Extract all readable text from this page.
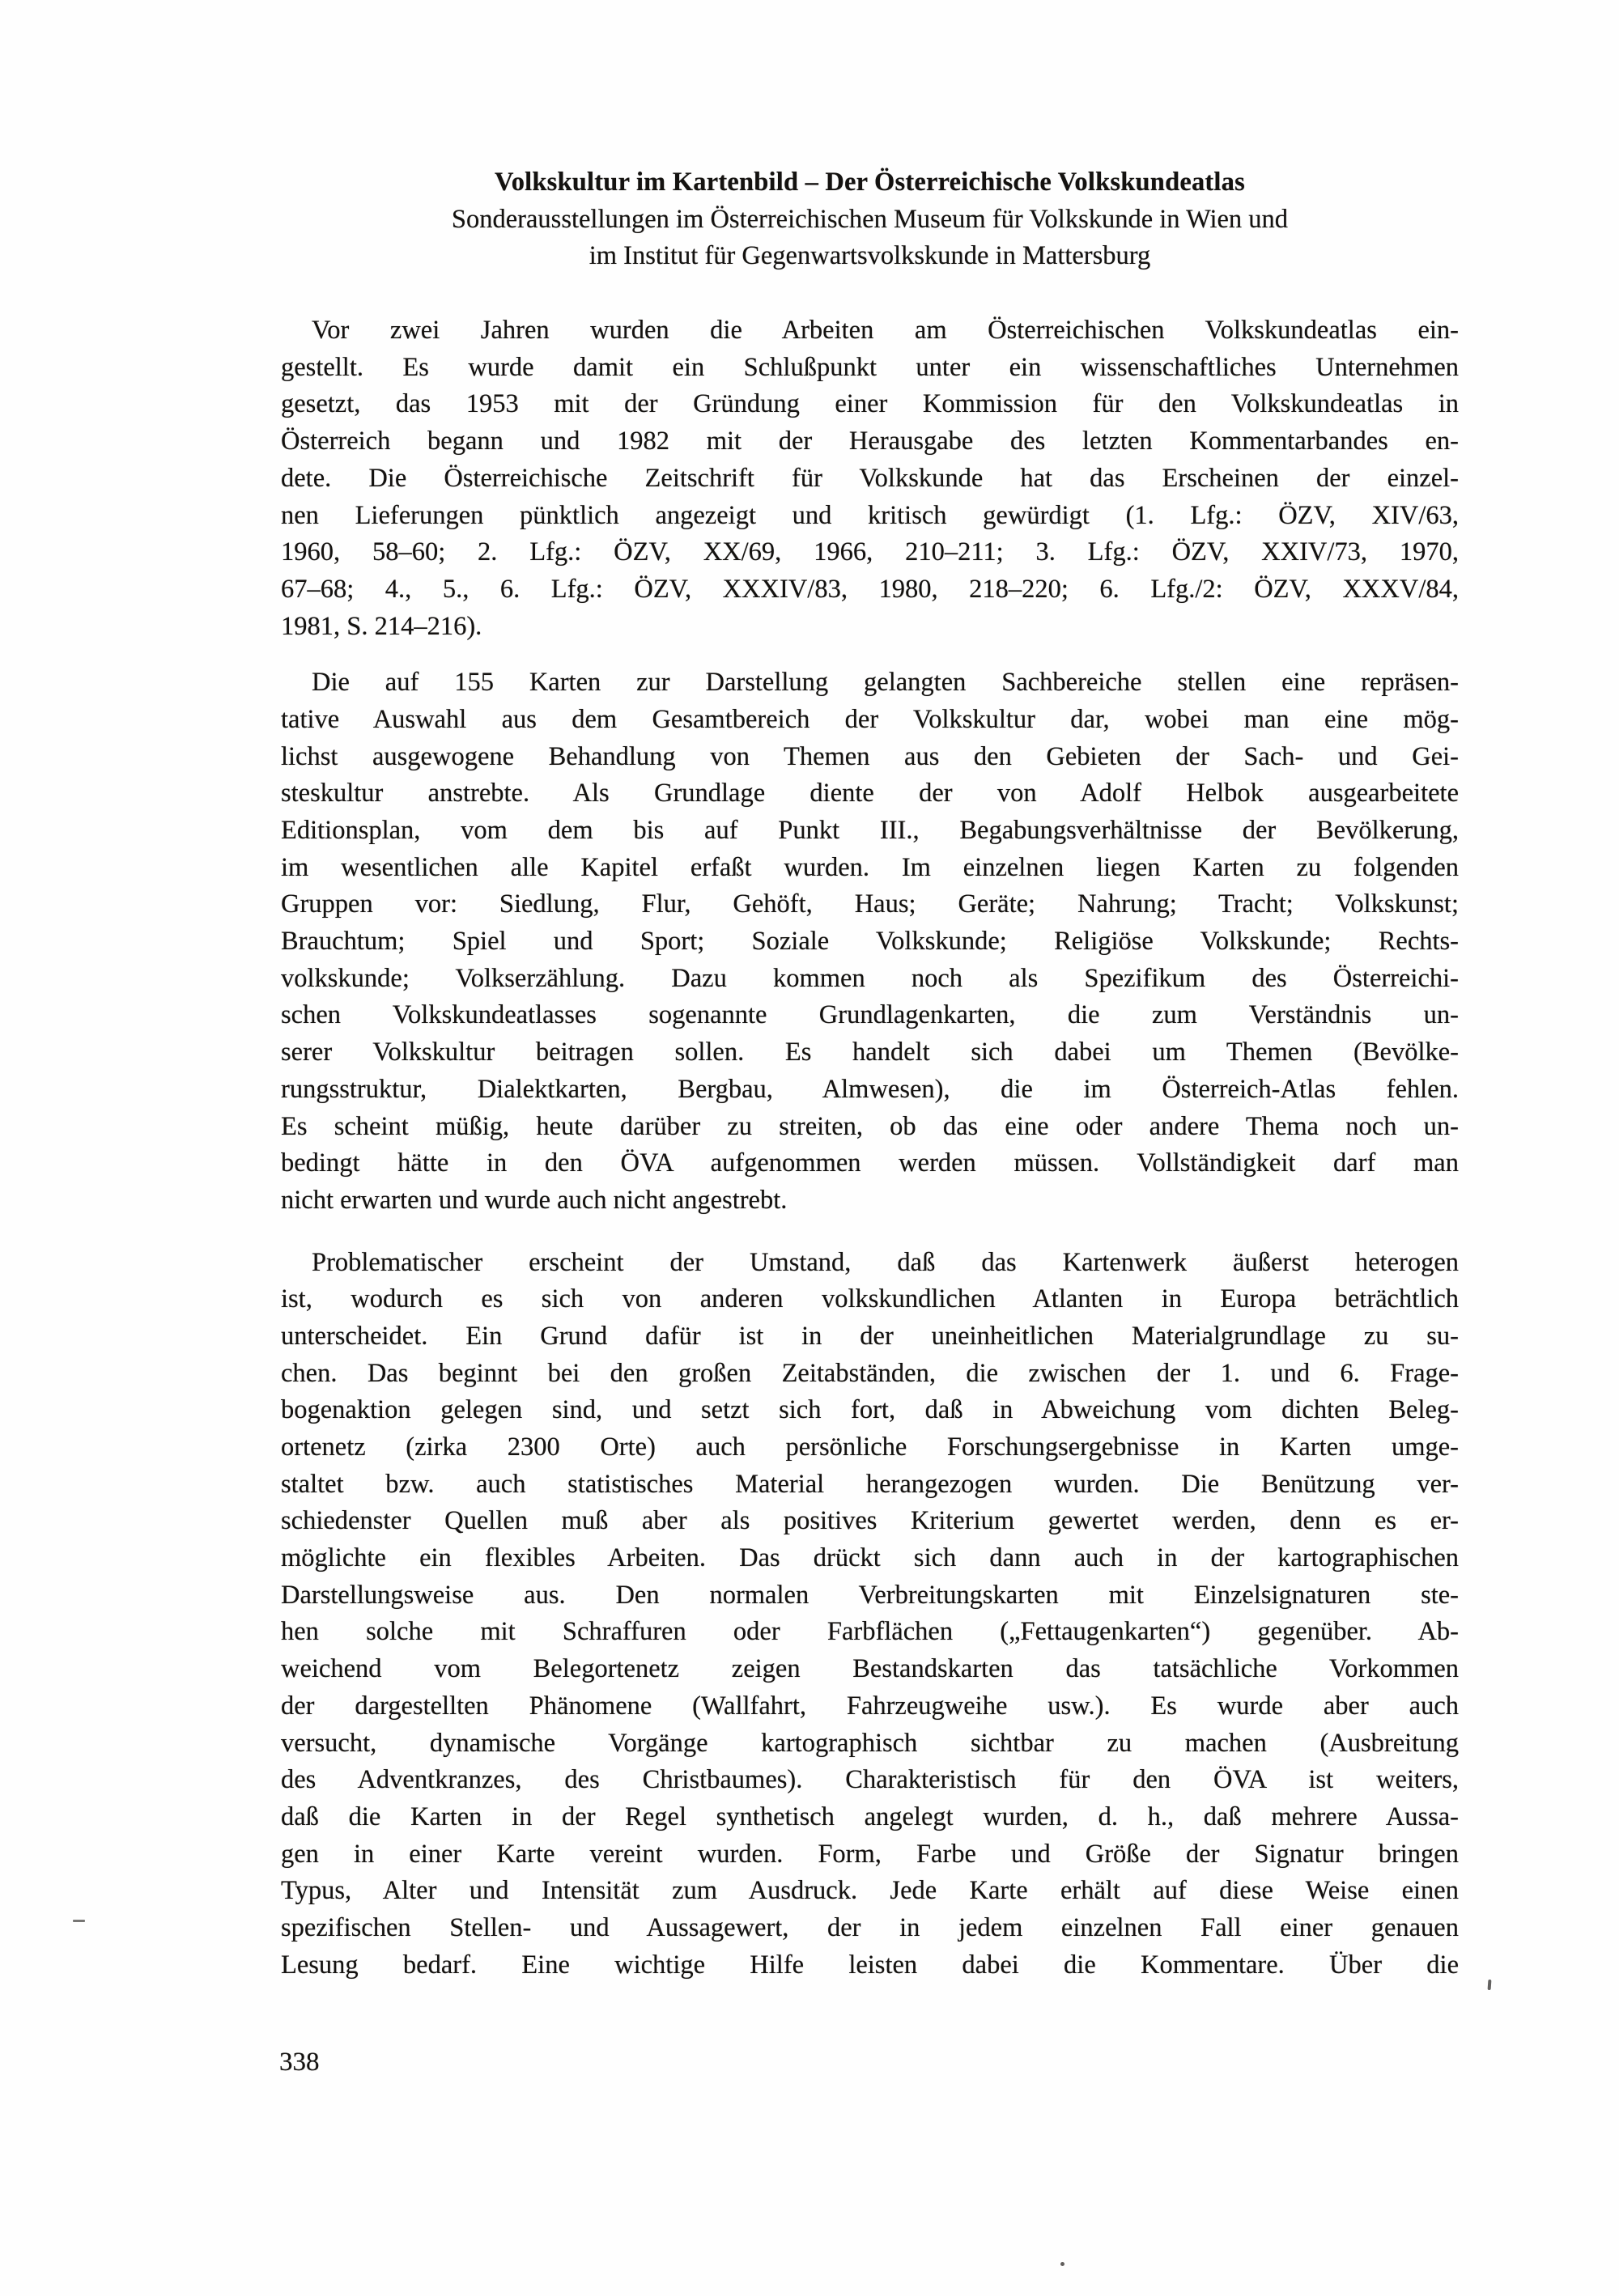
Volkskultur im Kartenbild – Der Österreichische Volkskundeatlas
Sonderausstellungen im Österreichischen Museum für Volkskunde in Wien und
im Institut für Gegenwartsvolkskunde in Mattersburg
Vor zwei Jahren wurden die Arbeiten am Österreichischen Volkskundeatlas ein-
gestellt. Es wurde damit ein Schlußpunkt unter ein wissenschaftliches Unternehmen
gesetzt, das 1953 mit der Gründung einer Kommission für den Volkskundeatlas in
Österreich begann und 1982 mit der Herausgabe des letzten Kommentarbandes en-
dete. Die Österreichische Zeitschrift für Volkskunde hat das Erscheinen der einzel-
nen Lieferungen pünktlich angezeigt und kritisch gewürdigt (1. Lfg.: ÖZV, XIV/63,
1960, 58–60; 2. Lfg.: ÖZV, XX/69, 1966, 210–211; 3. Lfg.: ÖZV, XXIV/73, 1970,
67–68; 4., 5., 6. Lfg.: ÖZV, XXXIV/83, 1980, 218–220; 6. Lfg./2: ÖZV, XXXV/84,
1981, S. 214–216).
Die auf 155 Karten zur Darstellung gelangten Sachbereiche stellen eine repräsen-
tative Auswahl aus dem Gesamtbereich der Volkskultur dar, wobei man eine mög-
lichst ausgewogene Behandlung von Themen aus den Gebieten der Sach- und Gei-
steskultur anstrebte. Als Grundlage diente der von Adolf Helbok ausgearbeitete
Editionsplan, vom dem bis auf Punkt III., Begabungsverhältnisse der Bevölkerung,
im wesentlichen alle Kapitel erfaßt wurden. Im einzelnen liegen Karten zu folgenden
Gruppen vor: Siedlung, Flur, Gehöft, Haus; Geräte; Nahrung; Tracht; Volkskunst;
Brauchtum; Spiel und Sport; Soziale Volkskunde; Religiöse Volkskunde; Rechts-
volkskunde; Volkserzählung. Dazu kommen noch als Spezifikum des Österreichi-
schen Volkskundeatlasses sogenannte Grundlagenkarten, die zum Verständnis un-
serer Volkskultur beitragen sollen. Es handelt sich dabei um Themen (Bevölke-
rungsstruktur, Dialektkarten, Bergbau, Almwesen), die im Österreich-Atlas fehlen.
Es scheint müßig, heute darüber zu streiten, ob das eine oder andere Thema noch un-
bedingt hätte in den ÖVA aufgenommen werden müssen. Vollständigkeit darf man
nicht erwarten und wurde auch nicht angestrebt.
Problematischer erscheint der Umstand, daß das Kartenwerk äußerst heterogen
ist, wodurch es sich von anderen volkskundlichen Atlanten in Europa beträchtlich
unterscheidet. Ein Grund dafür ist in der uneinheitlichen Materialgrundlage zu su-
chen. Das beginnt bei den großen Zeitabständen, die zwischen der 1. und 6. Frage-
bogenaktion gelegen sind, und setzt sich fort, daß in Abweichung vom dichten Beleg-
ortenetz (zirka 2300 Orte) auch persönliche Forschungsergebnisse in Karten umge-
staltet bzw. auch statistisches Material herangezogen wurden. Die Benützung ver-
schiedenster Quellen muß aber als positives Kriterium gewertet werden, denn es er-
möglichte ein flexibles Arbeiten. Das drückt sich dann auch in der kartographischen
Darstellungsweise aus. Den normalen Verbreitungskarten mit Einzelsignaturen ste-
hen solche mit Schraffuren oder Farbflächen („Fettaugenkarten“) gegenüber. Ab-
weichend vom Belegortenetz zeigen Bestandskarten das tatsächliche Vorkommen
der dargestellten Phänomene (Wallfahrt, Fahrzeugweihe usw.). Es wurde aber auch
versucht, dynamische Vorgänge kartographisch sichtbar zu machen (Ausbreitung
des Adventkranzes, des Christbaumes). Charakteristisch für den ÖVA ist weiters,
daß die Karten in der Regel synthetisch angelegt wurden, d. h., daß mehrere Aussa-
gen in einer Karte vereint wurden. Form, Farbe und Größe der Signatur bringen
Typus, Alter und Intensität zum Ausdruck. Jede Karte erhält auf diese Weise einen
spezifischen Stellen- und Aussagewert, der in jedem einzelnen Fall einer genauen
Lesung bedarf. Eine wichtige Hilfe leisten dabei die Kommentare. Über die
338
